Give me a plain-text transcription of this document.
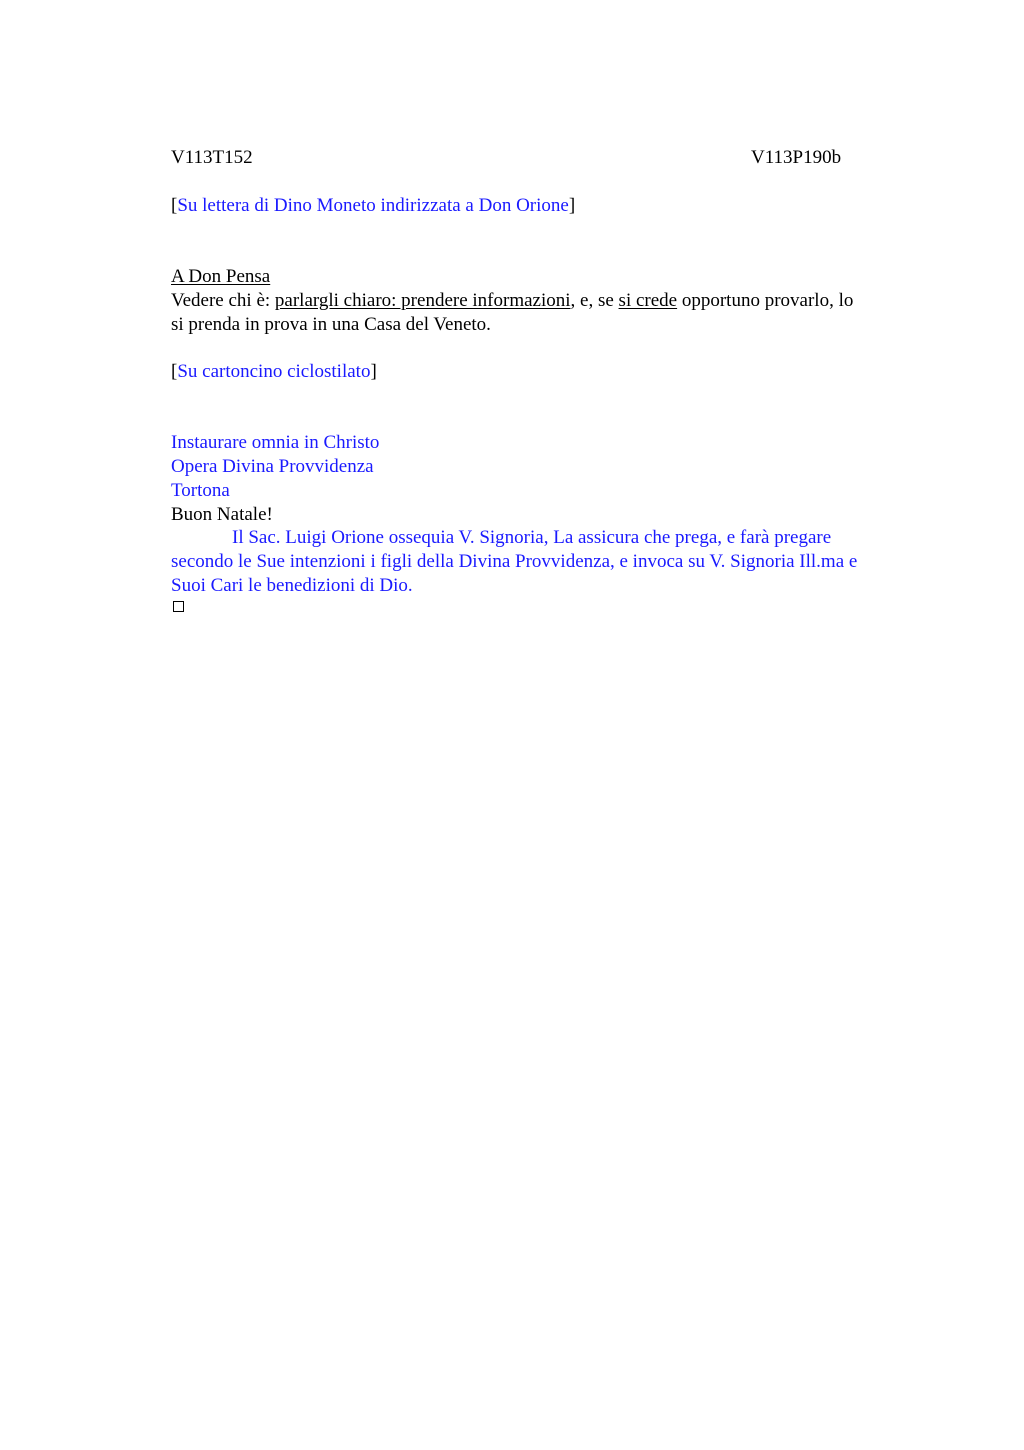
V113T152	V113P190b
[Su lettera di Dino Moneto indirizzata a Don Orione]
A Don Pensa
Vedere chi è: parlargli chiaro: prendere informazioni, e, se si crede opportuno provarlo, lo
si prenda in prova in una Casa del Veneto.
[Su cartoncino ciclostilato]
Instaurare omnia in Christo
Opera Divina Provvidenza
Tortona
Buon Natale!
Il Sac. Luigi Orione ossequia V. Signoria, La assicura che prega, e farà pregare
secondo le Sue intenzioni i figli della Divina Provvidenza, e invoca su V. Signoria Ill.ma e
Suoi Cari le benedizioni di Dio.
